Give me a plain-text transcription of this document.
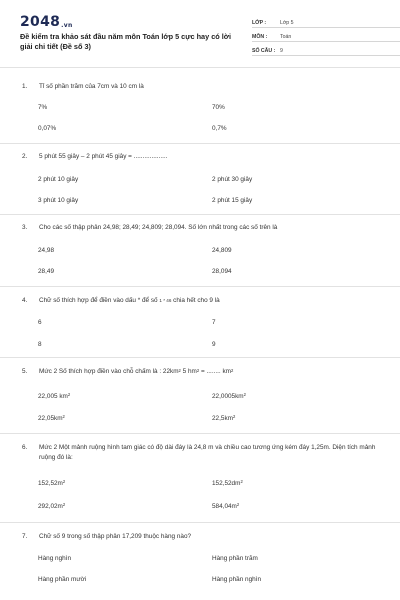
$2048_{.vn}$
Đề kiểm tra khảo sát đầu năm môn Toán lớp 5 cực hay có lời giải chi tiết (Đề số 3)
LỚP :	Lớp 5
MÔN :	Toán
SỐ CÂU : 9
1.	Tỉ số phần trăm của 7cm và 10 cm là
7%	70%
0,07%	0,7%
2.	5 phút 55 giây – 2 phút 45 giây = ...................
2 phút 10 giây	2 phút 30 giây
3 phút 10 giây	2 phút 15 giây
3.	Cho các số thập phân 24,98; 28,49; 24,809; 28,094. Số lớn nhất trong các số trên là
24,98	24,809
28,49	28,094
4.	Chữ số thích hợp để điền vào dấu * để số 1 * 46 chia hết cho 9 là
6	7
8	9
5.	Mức 2 Số thích hợp điền vào chỗ chấm là : $22km^2$ 5 $hm^2$ = ........ $km^2$
22,005 $km^2$	$22,0005km^2$
$22,05km^2$	$22,5km^2$
6.	Mức 2 Một mảnh ruộng hình tam giác có độ dài đáy là 24,8 m và chiều cao tương ứng kém đáy 1,25m. Diện tích mảnh ruộng đó là:
$152,52m^2$	$152,52dm^2$
$292,02m^2$	$584,04m^2$
7.	Chữ số 9 trong số thập phân 17,209 thuộc hàng nào?
Hàng nghìn	Hàng phần trăm
Hàng phần mười	Hàng phần nghìn
